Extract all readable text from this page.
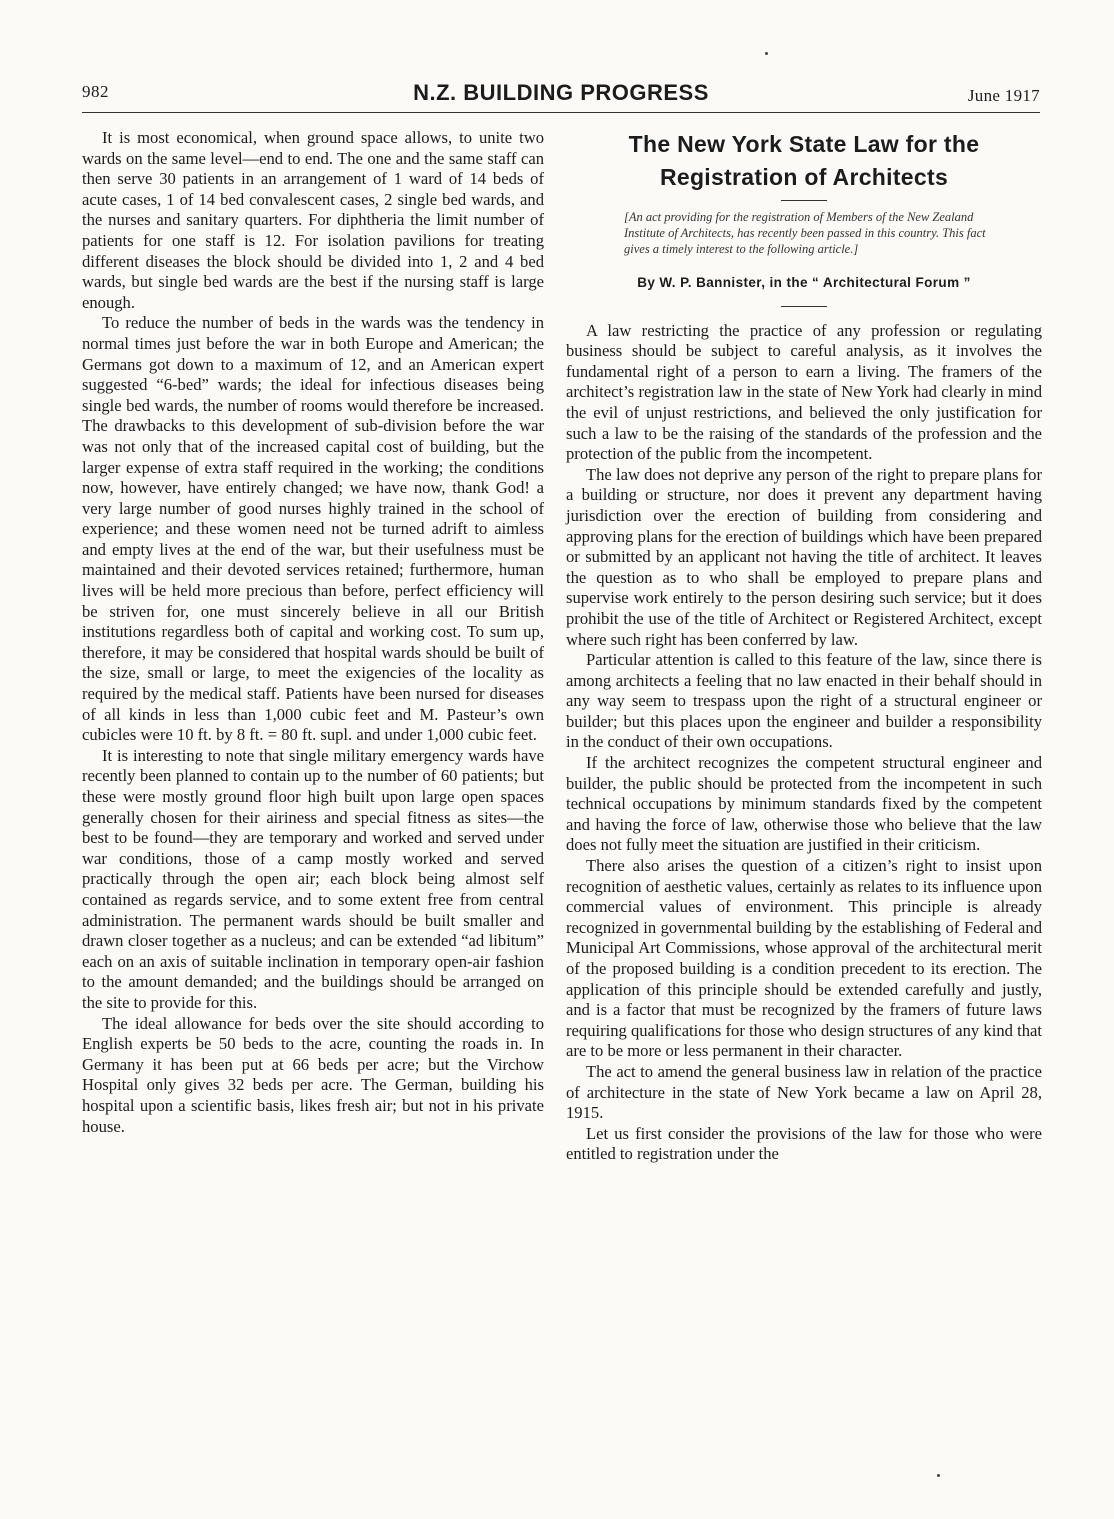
982	N.Z. BUILDING PROGRESS	June 1917

It is most economical, when ground space allows, to unite two wards on the same level—end to end. The one and the same staff can then serve 30 patients in an arrangement of 1 ward of 14 beds of acute cases, 1 of 14 bed convalescent cases, 2 single bed wards, and the nurses and sanitary quarters. For diphtheria the limit number of patients for one staff is 12. For isolation pavilions for treating different diseases the block should be divided into 1, 2 and 4 bed wards, but single bed wards are the best if the nursing staff is large enough.

To reduce the number of beds in the wards was the tendency in normal times just before the war in both Europe and American; the Germans got down to a maximum of 12, and an American expert suggested “6-bed” wards; the ideal for infectious diseases being single bed wards, the number of rooms would therefore be increased. The drawbacks to this development of sub-division before the war was not only that of the increased capital cost of building, but the larger expense of extra staff required in the working; the conditions now, however, have entirely changed; we have now, thank God! a very large number of good nurses highly trained in the school of experience; and these women need not be turned adrift to aimless and empty lives at the end of the war, but their usefulness must be maintained and their devoted services retained; furthermore, human lives will be held more precious than before, perfect efficiency will be striven for, one must sincerely believe in all our British institutions regardless both of capital and working cost. To sum up, therefore, it may be considered that hospital wards should be built of the size, small or large, to meet the exigencies of the locality as required by the medical staff. Patients have been nursed for diseases of all kinds in less than 1,000 cubic feet and M. Pasteur’s own cubicles were 10 ft. by 8 ft. = 80 ft. supl. and under 1,000 cubic feet.

It is interesting to note that single military emergency wards have recently been planned to contain up to the number of 60 patients; but these were mostly ground floor high built upon large open spaces generally chosen for their airiness and special fitness as sites—the best to be found—they are temporary and worked and served under war conditions, those of a camp mostly worked and served practically through the open air; each block being almost self contained as regards service, and to some extent free from central administration. The permanent wards should be built smaller and drawn closer together as a nucleus; and can be extended “ad libitum” each on an axis of suitable inclination in temporary open-air fashion to the amount demanded; and the buildings should be arranged on the site to provide for this.

The ideal allowance for beds over the site should according to English experts be 50 beds to the acre, counting the roads in. In Germany it has been put at 66 beds per acre; but the Virchow Hospital only gives 32 beds per acre. The German, building his hospital upon a scientific basis, likes fresh air; but not in his private house.

The New York State Law for the Registration of Architects
[An act providing for the registration of Members of the New Zealand Institute of Architects, has recently been passed in this country. This fact gives a timely interest to the following article.]
By W. P. Bannister, in the “ Architectural Forum ”

A law restricting the practice of any profession or regulating business should be subject to careful analysis, as it involves the fundamental right of a person to earn a living. The framers of the architect’s registration law in the state of New York had clearly in mind the evil of unjust restrictions, and believed the only justification for such a law to be the raising of the standards of the profession and the protection of the public from the incompetent.

The law does not deprive any person of the right to prepare plans for a building or structure, nor does it prevent any department having jurisdiction over the erection of building from considering and approving plans for the erection of buildings which have been prepared or submitted by an applicant not having the title of architect. It leaves the question as to who shall be employed to prepare plans and supervise work entirely to the person desiring such service; but it does prohibit the use of the title of Architect or Registered Architect, except where such right has been conferred by law.

Particular attention is called to this feature of the law, since there is among architects a feeling that no law enacted in their behalf should in any way seem to trespass upon the right of a structural engineer or builder; but this places upon the engineer and builder a responsibility in the conduct of their own occupations.

If the architect recognizes the competent structural engineer and builder, the public should be protected from the incompetent in such technical occupations by minimum standards fixed by the competent and having the force of law, otherwise those who believe that the law does not fully meet the situation are justified in their criticism.

There also arises the question of a citizen’s right to insist upon recognition of aesthetic values, certainly as relates to its influence upon commercial values of environment. This principle is already recognized in governmental building by the establishing of Federal and Municipal Art Commissions, whose approval of the architectural merit of the proposed building is a condition precedent to its erection. The application of this principle should be extended carefully and justly, and is a factor that must be recognized by the framers of future laws requiring qualifications for those who design structures of any kind that are to be more or less permanent in their character.

The act to amend the general business law in relation of the practice of architecture in the state of New York became a law on April 28, 1915.

Let us first consider the provisions of the law for those who were entitled to registration under the
